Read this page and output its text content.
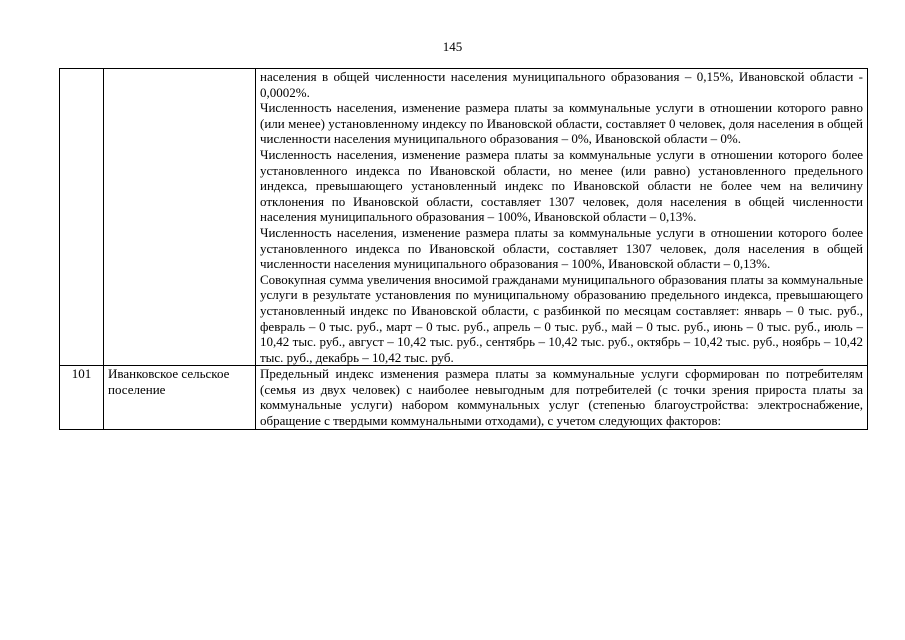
145

		населения в общей численности населения муниципального образования – 0,15%, Ивановской области - 0,0002%.

Численность населения, изменение размера платы за коммунальные услуги в отношении которого равно (или менее) установленному индексу по Ивановской области, составляет 0 человек, доля населения в общей численности населения муниципального образования – 0%, Ивановской области – 0%.

Численность населения, изменение размера платы за коммунальные услуги в отношении которого более установленного индекса по Ивановской области, но менее (или равно) установленного предельного индекса, превышающего установленный индекс по Ивановской области не более чем на величину отклонения по Ивановской области, составляет 1307 человек, доля населения в общей численности населения муниципального образования – 100%, Ивановской области – 0,13%.

Численность населения, изменение размера платы за коммунальные услуги в отношении которого более установленного индекса по Ивановской области, составляет 1307 человек, доля населения в общей численности населения муниципального образования – 100%, Ивановской области – 0,13%.

Совокупная сумма увеличения вносимой гражданами муниципального образования платы за коммунальные услуги в результате установления по муниципальному образованию предельного индекса, превышающего установленный индекс по Ивановской области, с разбинкой по месяцам составляет: январь – 0 тыс. руб., февраль – 0 тыс. руб., март – 0 тыс. руб., апрель – 0 тыс. руб., май – 0 тыс. руб., июнь – 0 тыс. руб., июль – 10,42 тыс. руб., август – 10,42 тыс. руб., сентябрь – 10,42 тыс. руб., октябрь – 10,42 тыс. руб., ноябрь – 10,42 тыс. руб., декабрь – 10,42 тыс. руб.

101	Иванковское сельское поселение	Предельный индекс изменения размера платы за коммунальные услуги сформирован по потребителям (семья из двух человек) с наиболее невыгодным для потребителей (с точки зрения прироста платы за коммунальные услуги) набором коммунальных услуг (степенью благоустройства: электроснабжение, обращение с твердыми коммунальными отходами), с учетом следующих факторов:
